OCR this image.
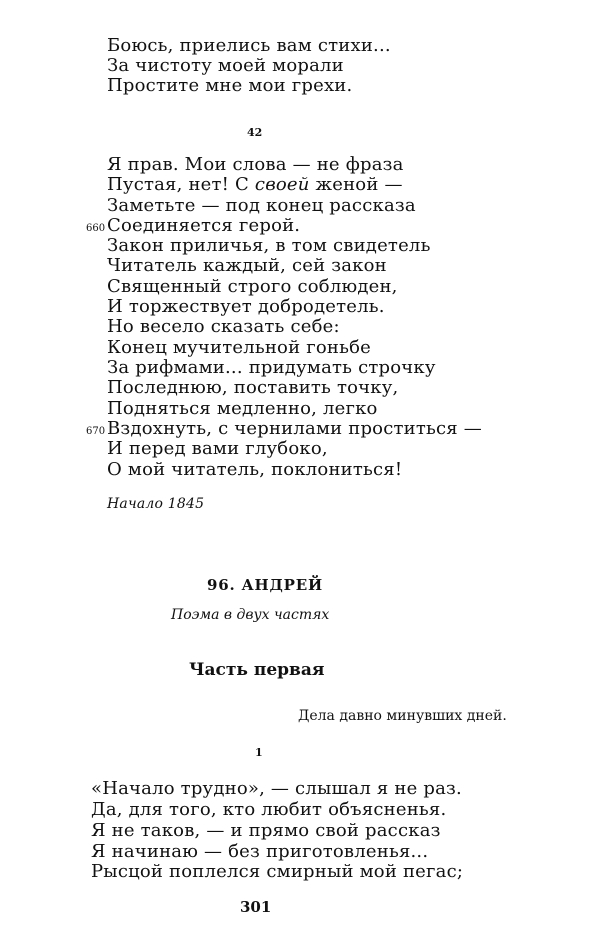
Боюсь, приелись вам стихи...
За чистоту моей морали
Простите мне мои грехи.
42
Я прав. Мои слова — не фраза
Пустая, нет! С своей женой —
Заметьте — под конец рассказа
660 Соединяется герой.
Закон приличья, в том свидетель
Читатель каждый, сей закон
Священный строго соблюден,
И торжествует добродетель.
Но весело сказать себе:
Конец мучительной гоньбе
За рифмами... придумать строчку
Последнюю, поставить точку,
Подняться медленно, легко
670 Вздохнуть, с чернилами проститься —
И перед вами глубоко,
О мой читатель, поклониться!
Начало 1845
96. АНДРЕЙ
Поэма в двух частях
Часть первая
Дела давно минувших дней.
1
«Начало трудно», — слышал я не раз.
Да, для того, кто любит объясненья.
Я не таков, — и прямо свой рассказ
Я начинаю — без приготовленья...
Рысцой поплелся смирный мой пегас;
301
